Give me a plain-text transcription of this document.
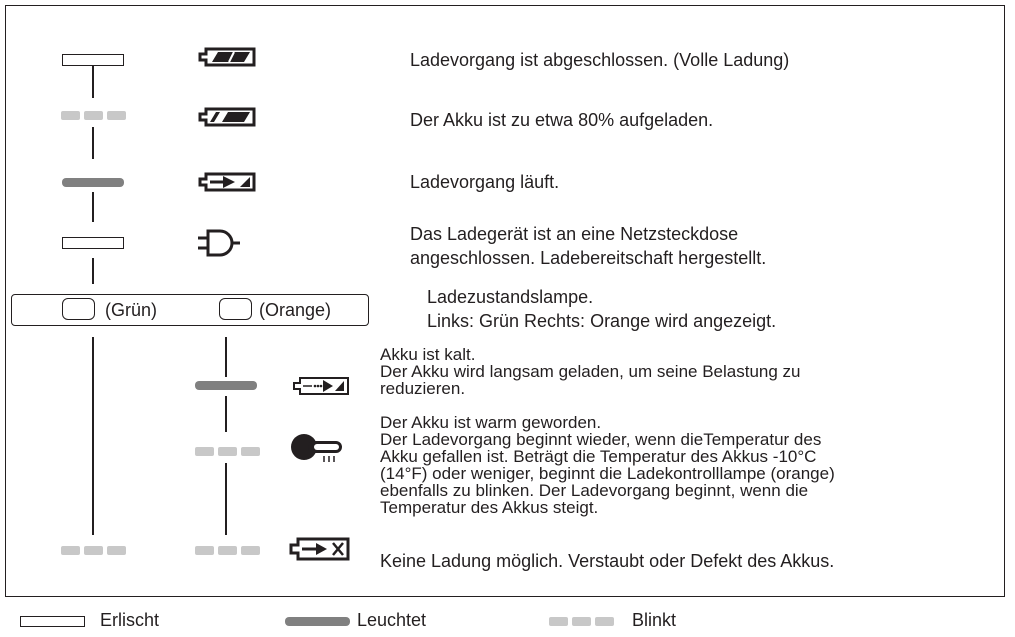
Ladevorgang ist abgeschlossen. (Volle Ladung)
Der Akku ist zu etwa 80% aufgeladen.
Ladevorgang läuft.
Das Ladegerät ist an eine Netzsteckdose
angeschlossen. Ladebereitschaft hergestellt.
(Grün)	(Orange)
Ladezustandslampe.
Links: Grün Rechts: Orange wird angezeigt.
Akku ist kalt.
Der Akku wird langsam geladen, um seine Belastung zu
reduzieren.
Der Akku ist warm geworden.
Der Ladevorgang beginnt wieder, wenn dieTemperatur des
Akku gefallen ist. Beträgt die Temperatur des Akkus -10°C
(14°F) oder weniger, beginnt die Ladekontrolllampe (orange)
ebenfalls zu blinken. Der Ladevorgang beginnt, wenn die
Temperatur des Akkus steigt.
Keine Ladung möglich. Verstaubt oder Defekt des Akkus.
Erlischt	Leuchtet	Blinkt
